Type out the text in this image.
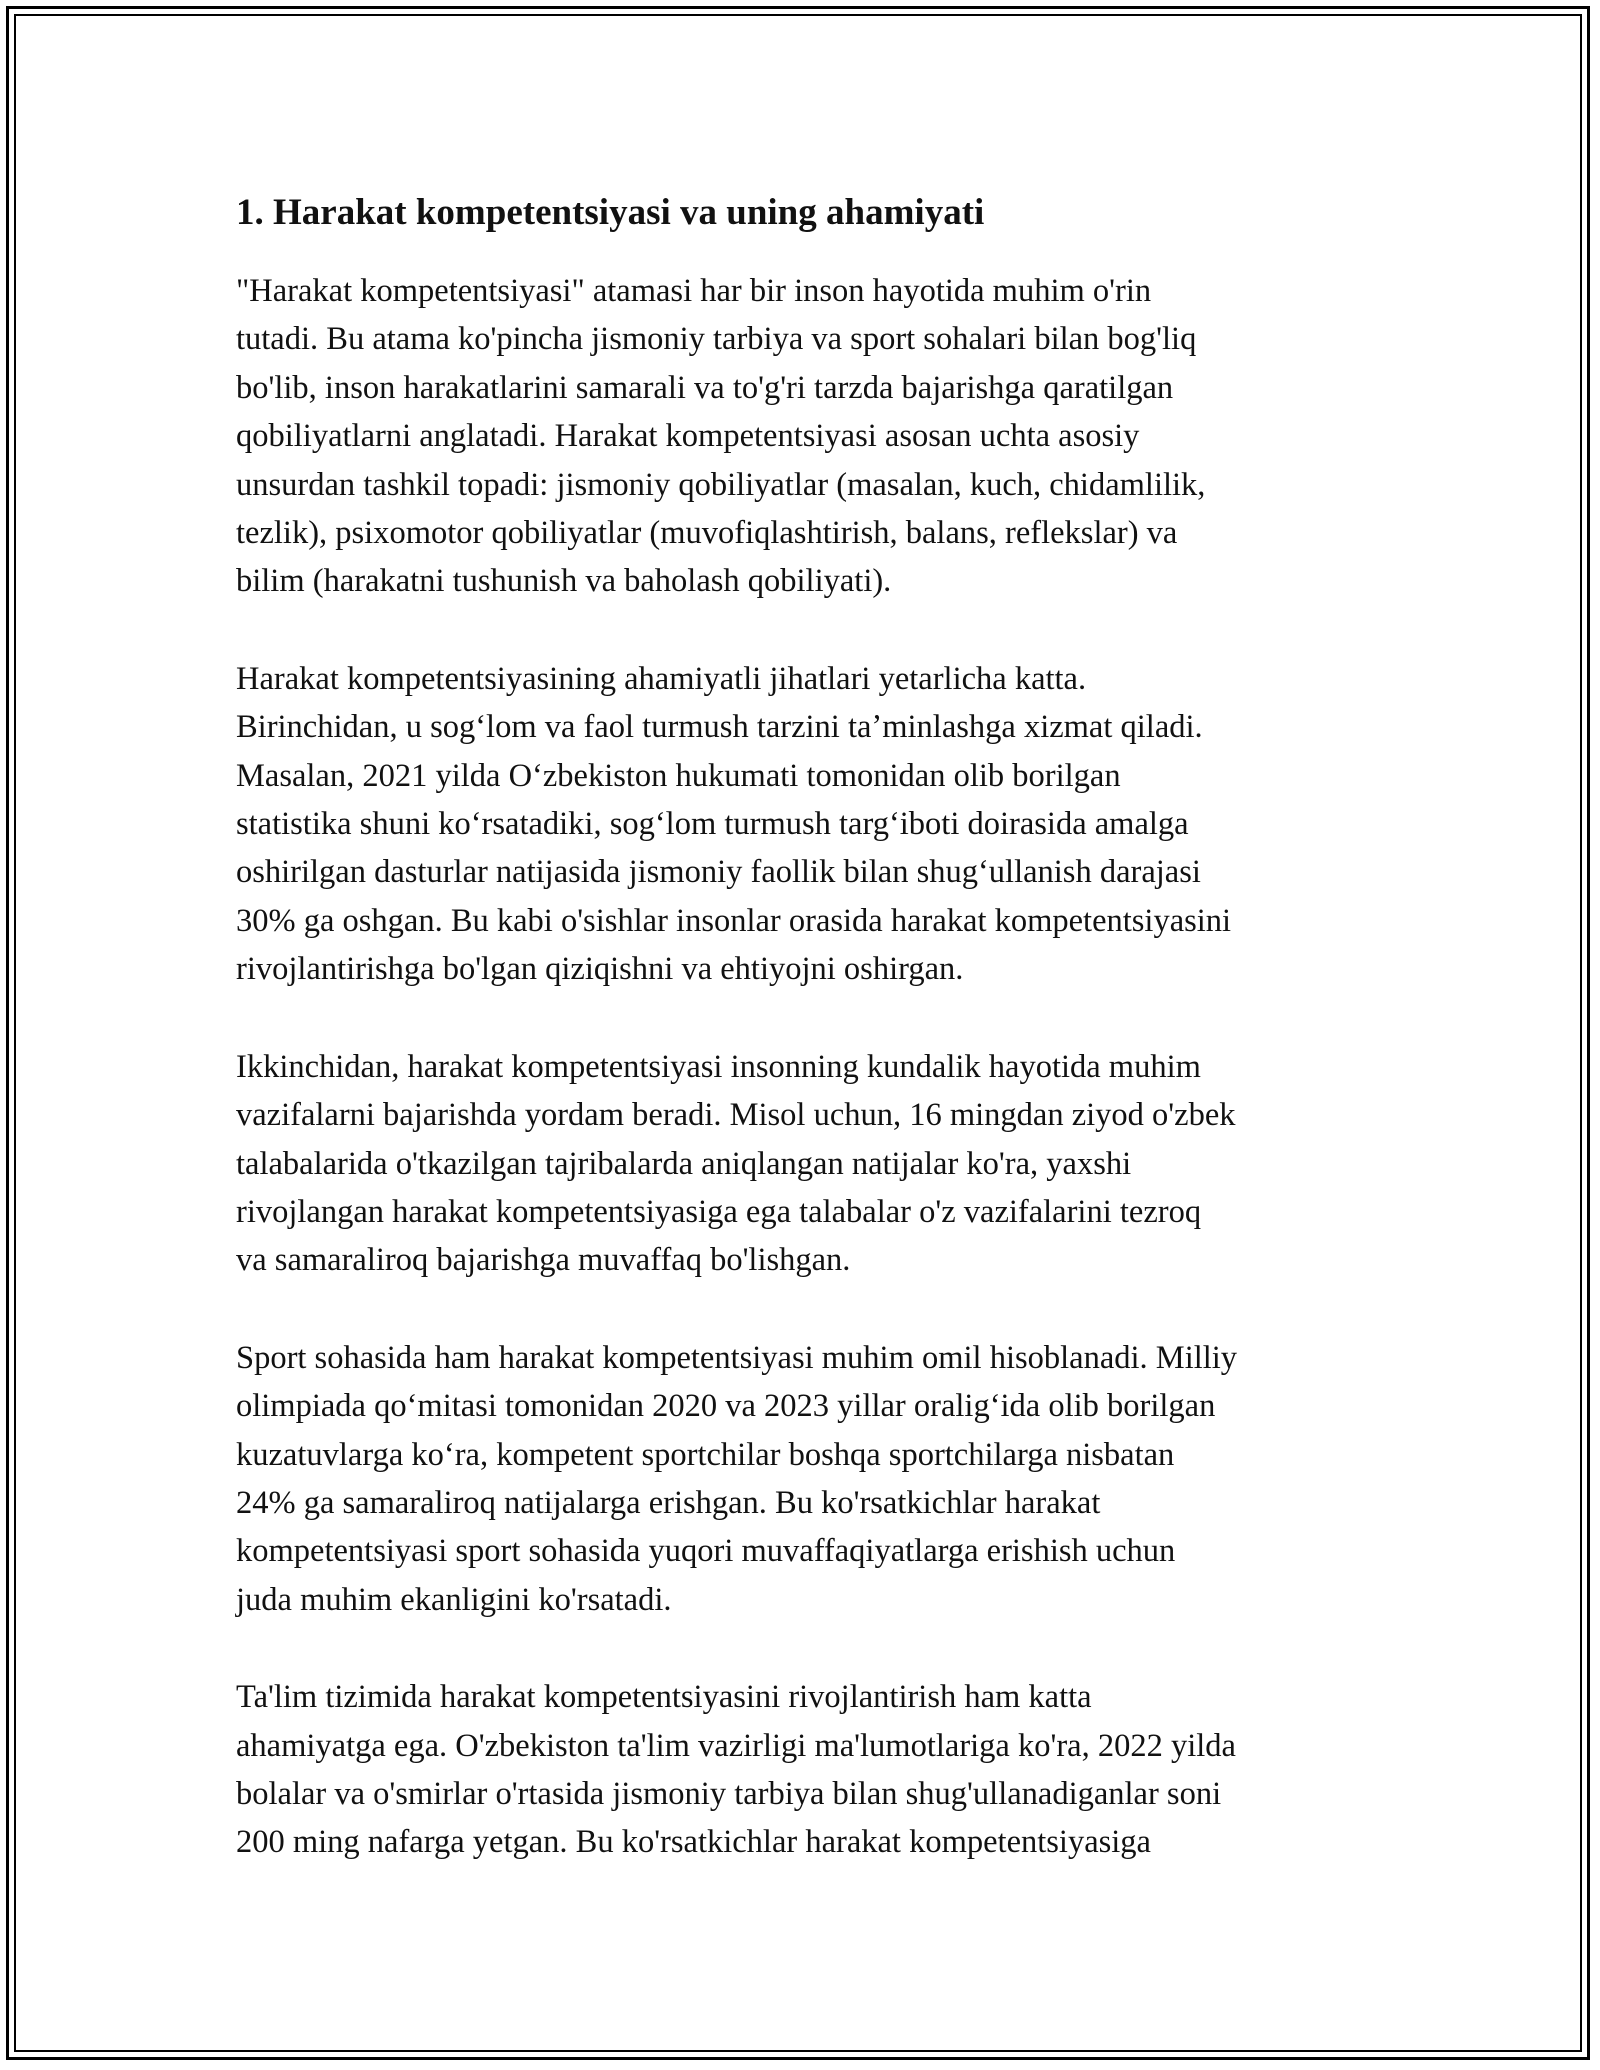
1. Harakat kompetentsiyasi va uning ahamiyati

"Harakat kompetentsiyasi" atamasi har bir inson hayotida muhim o'rin
tutadi. Bu atama ko'pincha jismoniy tarbiya va sport sohalari bilan bog'liq
bo'lib, inson harakatlarini samarali va to'g'ri tarzda bajarishga qaratilgan
qobiliyatlarni anglatadi. Harakat kompetentsiyasi asosan uchta asosiy
unsurdan tashkil topadi: jismoniy qobiliyatlar (masalan, kuch, chidamlilik,
tezlik), psixomotor qobiliyatlar (muvofiqlashtirish, balans, reflekslar) va
bilim (harakatni tushunish va baholash qobiliyati).

Harakat kompetentsiyasining ahamiyatli jihatlari yetarlicha katta.
Birinchidan, u sogʻlom va faol turmush tarzini taʼminlashga xizmat qiladi.
Masalan, 2021 yilda Oʻzbekiston hukumati tomonidan olib borilgan
statistika shuni koʻrsatadiki, sogʻlom turmush targʻiboti doirasida amalga
oshirilgan dasturlar natijasida jismoniy faollik bilan shugʻullanish darajasi
30% ga oshgan. Bu kabi o'sishlar insonlar orasida harakat kompetentsiyasini
rivojlantirishga bo'lgan qiziqishni va ehtiyojni oshirgan.

Ikkinchidan, harakat kompetentsiyasi insonning kundalik hayotida muhim
vazifalarni bajarishda yordam beradi. Misol uchun, 16 mingdan ziyod o'zbek
talabalarida o'tkazilgan tajribalarda aniqlangan natijalar ko'ra, yaxshi
rivojlangan harakat kompetentsiyasiga ega talabalar o'z vazifalarini tezroq
va samaraliroq bajarishga muvaffaq bo'lishgan.

Sport sohasida ham harakat kompetentsiyasi muhim omil hisoblanadi. Milliy
olimpiada qoʻmitasi tomonidan 2020 va 2023 yillar oraligʻida olib borilgan
kuzatuvlarga koʻra, kompetent sportchilar boshqa sportchilarga nisbatan
24% ga samaraliroq natijalarga erishgan. Bu ko'rsatkichlar harakat
kompetentsiyasi sport sohasida yuqori muvaffaqiyatlarga erishish uchun
juda muhim ekanligini ko'rsatadi.

Ta'lim tizimida harakat kompetentsiyasini rivojlantirish ham katta
ahamiyatga ega. O'zbekiston ta'lim vazirligi ma'lumotlariga ko'ra, 2022 yilda
bolalar va o'smirlar o'rtasida jismoniy tarbiya bilan shug'ullanadiganlar soni
200 ming nafarga yetgan. Bu ko'rsatkichlar harakat kompetentsiyasiga
